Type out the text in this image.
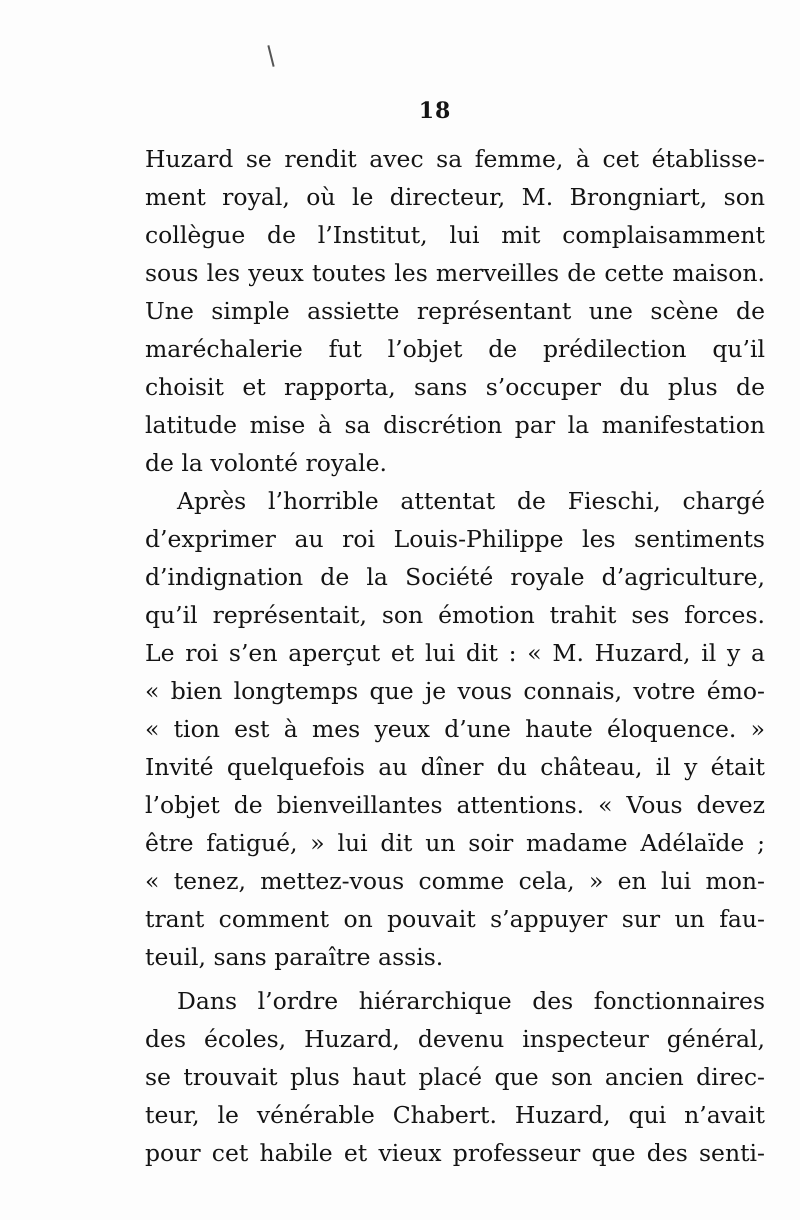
18
Huzard se rendit avec sa femme, à cet établisse-
ment royal, où le directeur, M. Brongniart, son
collègue de l’Institut, lui mit complaisamment
sous les yeux toutes les merveilles de cette maison.
Une simple assiette représentant une scène de
maréchalerie fut l’objet de prédilection qu’il
choisit et rapporta, sans s’occuper du plus de
latitude mise à sa discrétion par la manifestation
de la volonté royale.
Après l’horrible attentat de Fieschi, chargé
d’exprimer au roi Louis-Philippe les sentiments
d’indignation de la Société royale d’agriculture,
qu’il représentait, son émotion trahit ses forces.
Le roi s’en aperçut et lui dit : « M. Huzard, il y a
« bien longtemps que je vous connais, votre émo-
« tion est à mes yeux d’une haute éloquence. »
Invité quelquefois au dîner du château, il y était
l’objet de bienveillantes attentions. « Vous devez
être fatigué, » lui dit un soir madame Adélaïde ;
« tenez, mettez-vous comme cela, » en lui mon-
trant comment on pouvait s’appuyer sur un fau-
teuil, sans paraître assis.
Dans l’ordre hiérarchique des fonctionnaires
des écoles, Huzard, devenu inspecteur général,
se trouvait plus haut placé que son ancien direc-
teur, le vénérable Chabert. Huzard, qui n’avait
pour cet habile et vieux professeur que des senti-
